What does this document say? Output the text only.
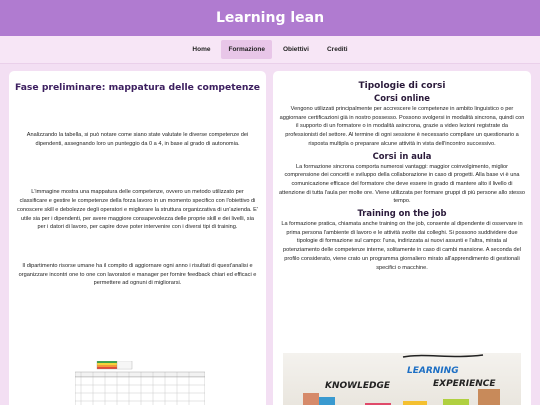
Learning lean
Home	Formazione	Obiettivi	Crediti
Fase preliminare: mappatura delle competenze

Analizzando la tabella, si può notare come siano state valutate le diverse competenze dei dipendenti, assegnando loro un punteggio da 0 a 4, in base al grado di autonomia.

L'immagine mostra una mappatura delle competenze, ovvero un metodo utilizzato per classificare e gestire le competenze della forza lavoro in un momento specifico con l'obiettivo di conoscere skill e debolezze degli operatori e migliorare la struttura organizzativa di un'azienda. E' utile sia per i dipendenti, per avere maggiore consapevolezza delle proprie skill e dei livelli, sia per i datori di lavoro, per capire dove poter intervenire con i diversi tipi di training.

Il dipartimento risorse umane ha il compito di aggiornare ogni anno i risultati di quest'analisi e organizzare incontri one to one con lavoratori e manager per fornire feedback chiari ed efficaci e permettere ad ognuni di migliorarsi.

Tipologie di corsi
Corsi online

Vengono utilizzati principalmente per accrescere le competenze in ambito linguistico o per aggiornare certificazioni già in nostro possesso. Possono svolgersi in modalità sincrona, quindi con il supporto di un formatore o in modalità asincrona, grazie a video lezioni registrate da professionisti del settore. Al termine di ogni sessione è necessario compilare un questionario a risposta multipla o preparare alcune attività in vista dell'incontro successivo.

Corsi in aula

La formazione sincrona comporta numerosi vantaggi: maggior coinvolgimento, miglior comprensione dei concetti e sviluppo della collaborazione in caso di progetti. Alla base vi è una comunicazione efficace del formatore che deve essere in grado di mantere alto il livello di attenzione di tutta l'aula per molte ore. Viene utilizzata per formare gruppi di più persone allo stesso tempo.

Training on the job

La formazione pratica, chiamata anche training on the job, consente al dipendente di osservare in prima persona l'ambiente di lavoro e le attività svolte dai colleghi. Si possono suddividere due tipologie di formazione sul campo: l'una, indirizzata ai nuovi assunti e l'altra, mirata al potenziamento delle competenze interne, solitamente in caso di cambi mansione. A seconda del profilo considerato, viene crato un programma giornaliero mirato all'apprendimento di gestionali specifici o macchine.

LEARNING
KNOWLEDGE	EXPERIENCE
